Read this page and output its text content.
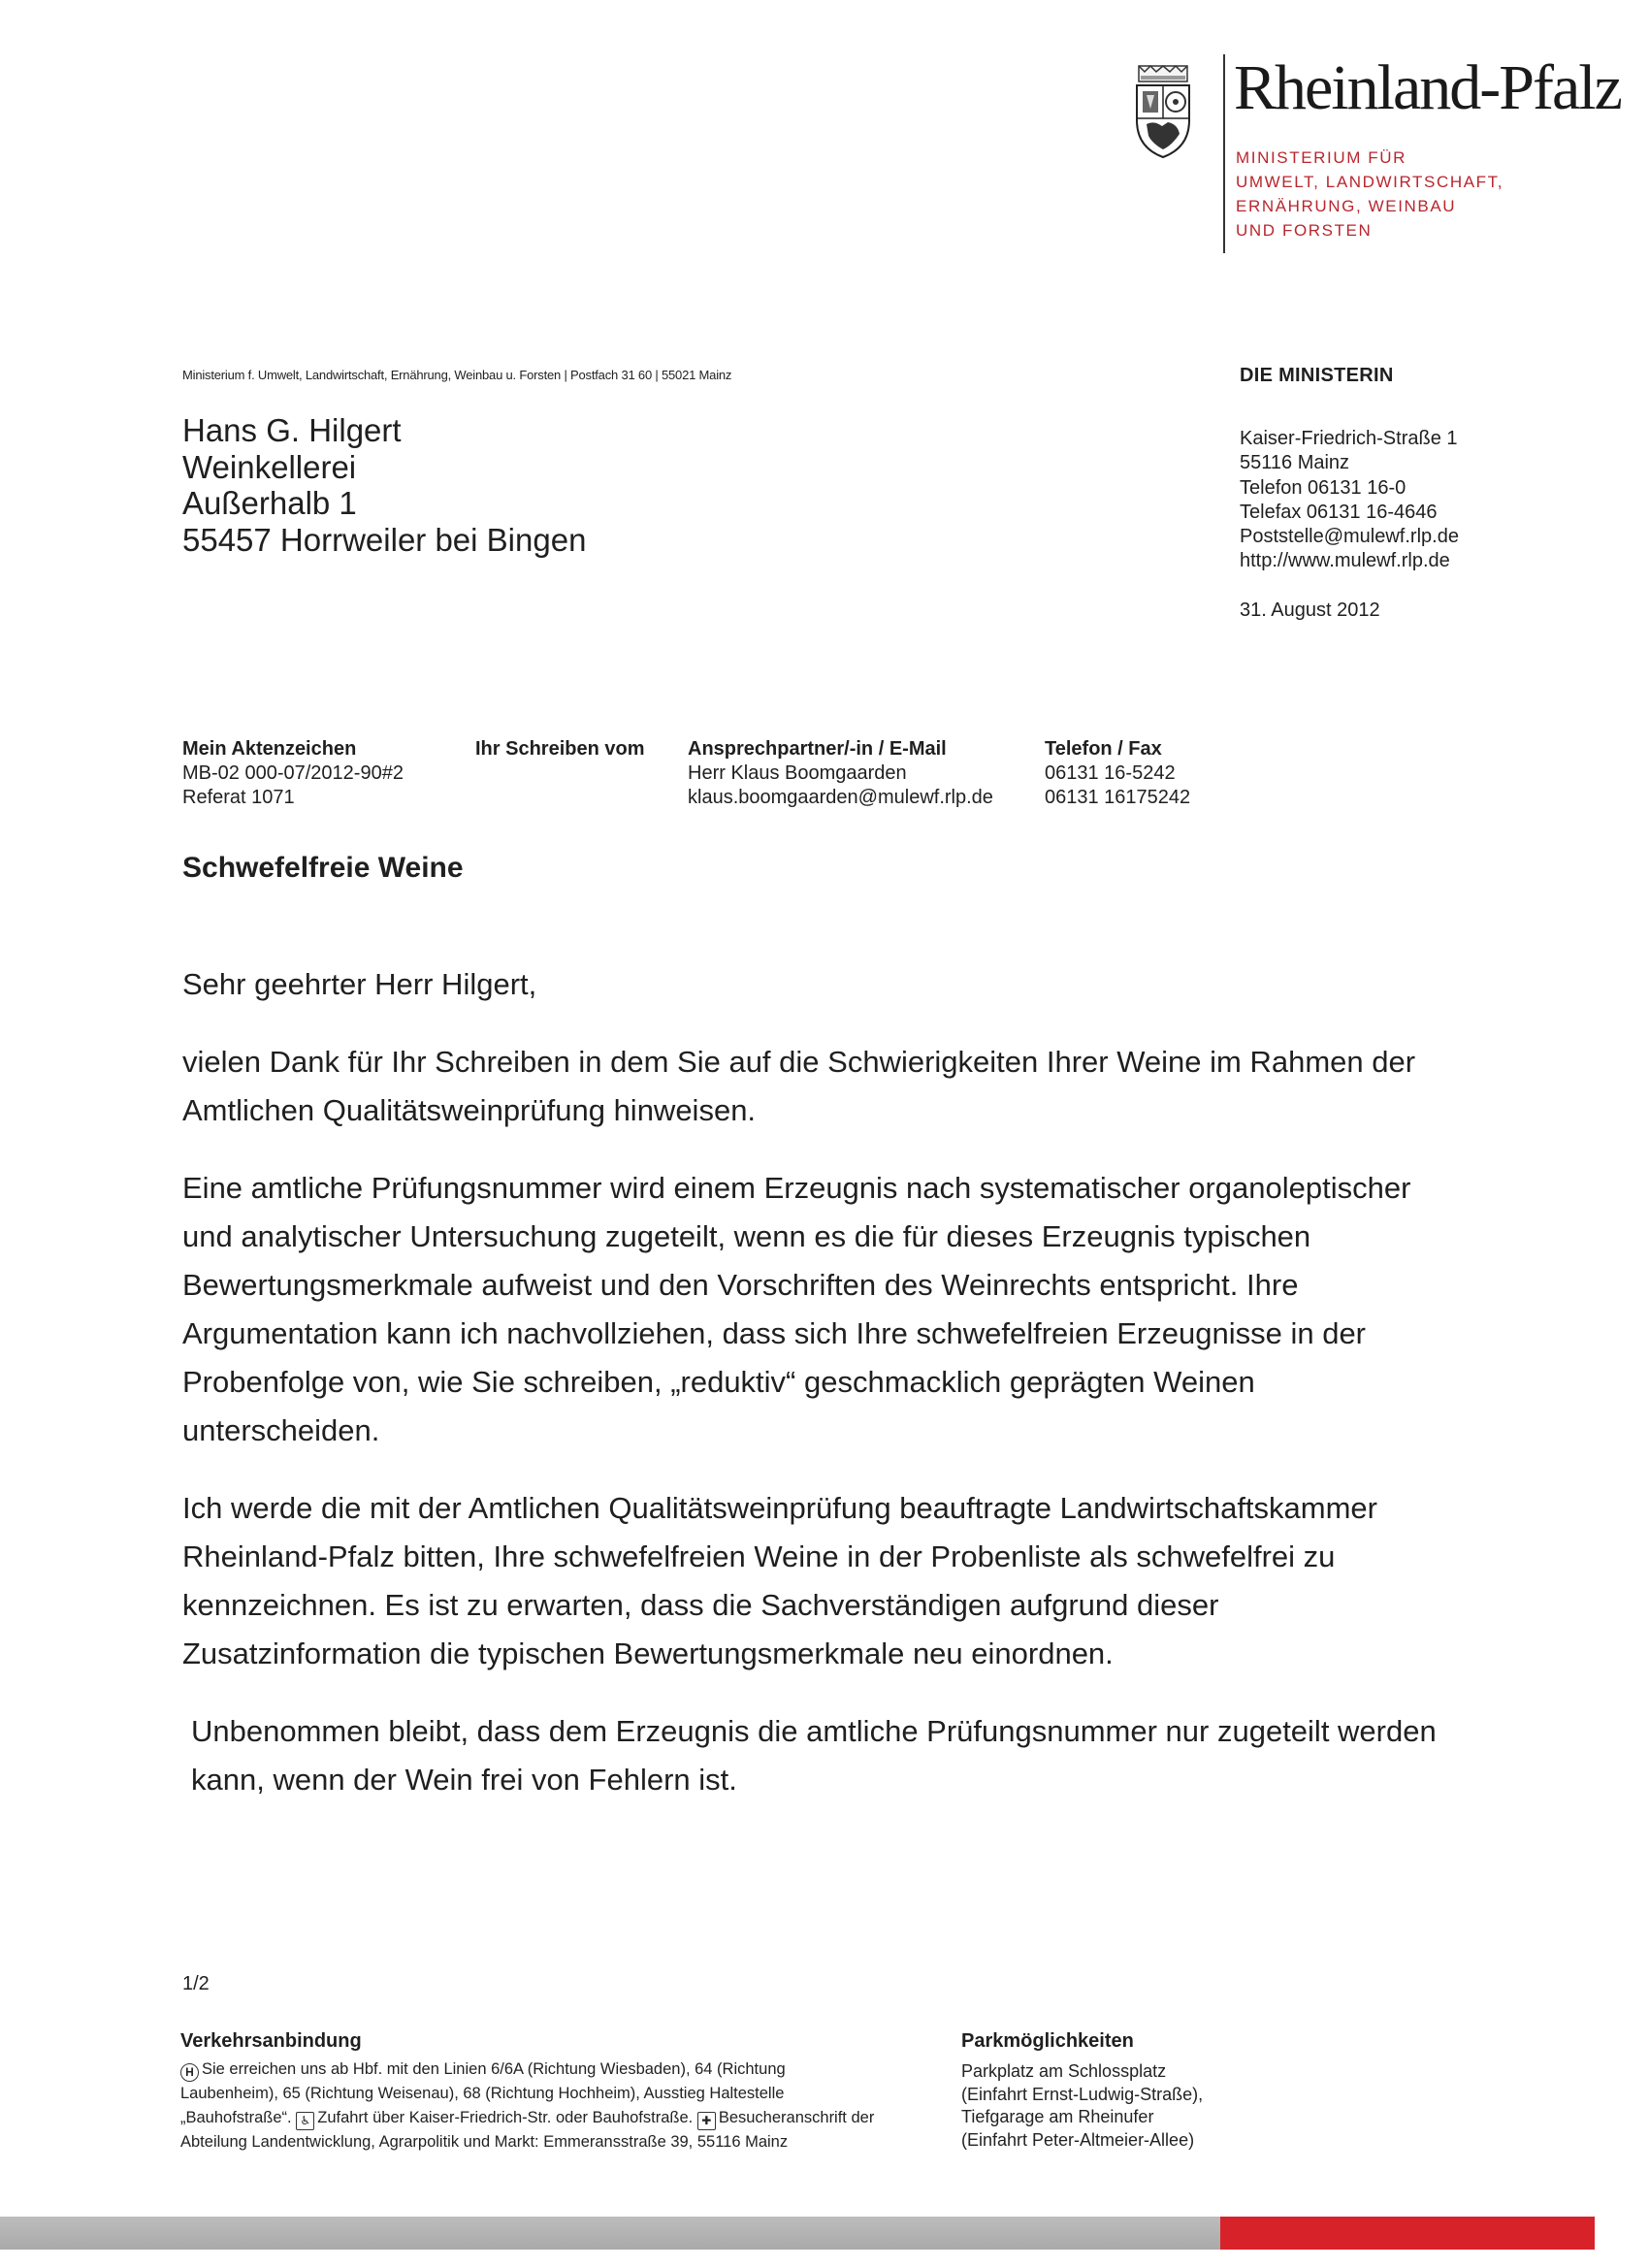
Rheinland-Pfalz
MINISTERIUM FÜR
UMWELT, LANDWIRTSCHAFT,
ERNÄHRUNG, WEINBAU
UND FORSTEN
Ministerium f. Umwelt, Landwirtschaft, Ernährung, Weinbau u. Forsten | Postfach 31 60 | 55021 Mainz
Hans G. Hilgert
Weinkellerei
Außerhalb 1
55457 Horrweiler bei Bingen
DIE MINISTERIN
Kaiser-Friedrich-Straße 1
55116 Mainz
Telefon 06131 16-0
Telefax 06131 16-4646
Poststelle@mulewf.rlp.de
http://www.mulewf.rlp.de
31. August 2012
Mein Aktenzeichen
MB-02 000-07/2012-90#2
Referat 1071
Ihr Schreiben vom Ansprechpartner/-in / E-Mail
Herr Klaus Boomgaarden
klaus.boomgaarden@mulewf.rlp.de
Telefon / Fax
06131 16-5242
06131 16175242
Schwefelfreie Weine

Sehr geehrter Herr Hilgert,

vielen Dank für Ihr Schreiben in dem Sie auf die Schwierigkeiten Ihrer Weine im Rahmen der Amtlichen Qualitätsweinprüfung hinweisen.

Eine amtliche Prüfungsnummer wird einem Erzeugnis nach systematischer organoleptischer und analytischer Untersuchung zugeteilt, wenn es die für dieses Erzeugnis typischen Bewertungsmerkmale aufweist und den Vorschriften des Weinrechts entspricht. Ihre Argumentation kann ich nachvollziehen, dass sich Ihre schwefelfreien Erzeugnisse in der Probenfolge von, wie Sie schreiben, „reduktiv“ geschmacklich geprägten Weinen unterscheiden.

Ich werde die mit der Amtlichen Qualitätsweinprüfung beauftragte Landwirtschaftskammer Rheinland-Pfalz bitten, Ihre schwefelfreien Weine in der Probenliste als schwefelfrei zu kennzeichnen. Es ist zu erwarten, dass die Sachverständigen aufgrund dieser Zusatzinformation die typischen Bewertungsmerkmale neu einordnen.

Unbenommen bleibt, dass dem Erzeugnis die amtliche Prüfungsnummer nur zugeteilt werden kann, wenn der Wein frei von Fehlern ist.

1/2
Verkehrsanbindung
H Sie erreichen uns ab Hbf. mit den Linien 6/6A (Richtung Wiesbaden), 64 (Richtung Laubenheim), 65 (Richtung Weisenau), 68 (Richtung Hochheim), Ausstieg Haltestelle „Bauhofstraße“. ♿ Zufahrt über Kaiser-Friedrich-Str. oder Bauhofstraße. ✚ Besucheranschrift der Abteilung Landentwicklung, Agrarpolitik und Markt: Emmeransstraße 39, 55116 Mainz
Parkmöglichkeiten
Parkplatz am Schlossplatz
(Einfahrt Ernst-Ludwig-Straße),
Tiefgarage am Rheinufer
(Einfahrt Peter-Altmeier-Allee)
